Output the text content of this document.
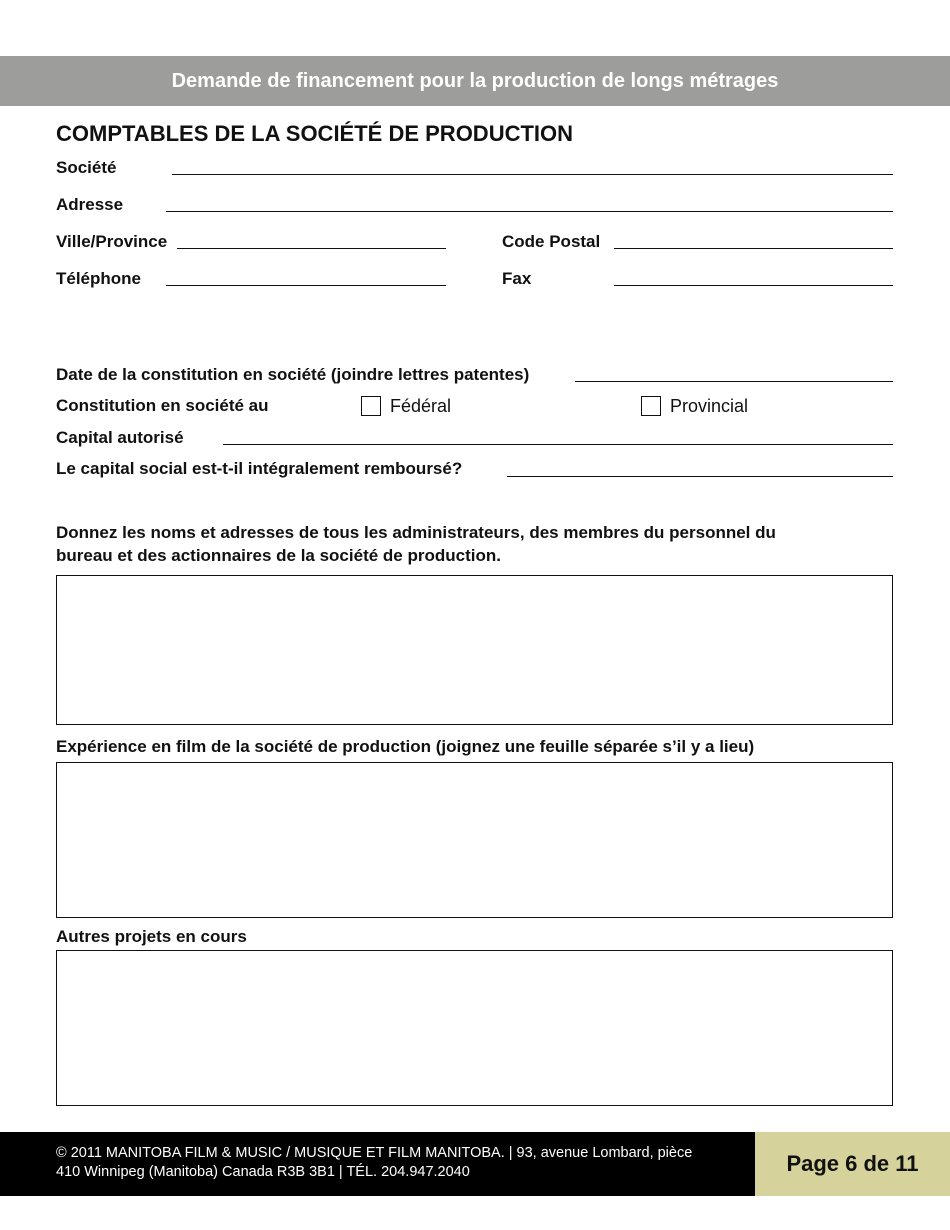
Demande de financement pour la production de longs métrages
COMPTABLES DE LA SOCIÉTÉ DE PRODUCTION
Société
Adresse
Ville/Province	Code Postal
Téléphone	Fax
Date de la constitution en société (joindre lettres patentes)
Constitution en société au	Fédéral	Provincial
Capital autorisé
Le capital social est-t-il intégralement remboursé?
Donnez les noms et adresses de tous les administrateurs, des membres du personnel du
bureau et des actionnaires de la société de production.
Expérience en film de la société de production (joignez une feuille séparée s’il y a lieu)
Autres projets en cours
© 2011 MANITOBA FILM & MUSIC / MUSIQUE ET FILM MANITOBA. | 93, avenue Lombard, pièce
410 Winnipeg (Manitoba) Canada R3B 3B1 | TÉL. 204.947.2040	Page 6 de 11
